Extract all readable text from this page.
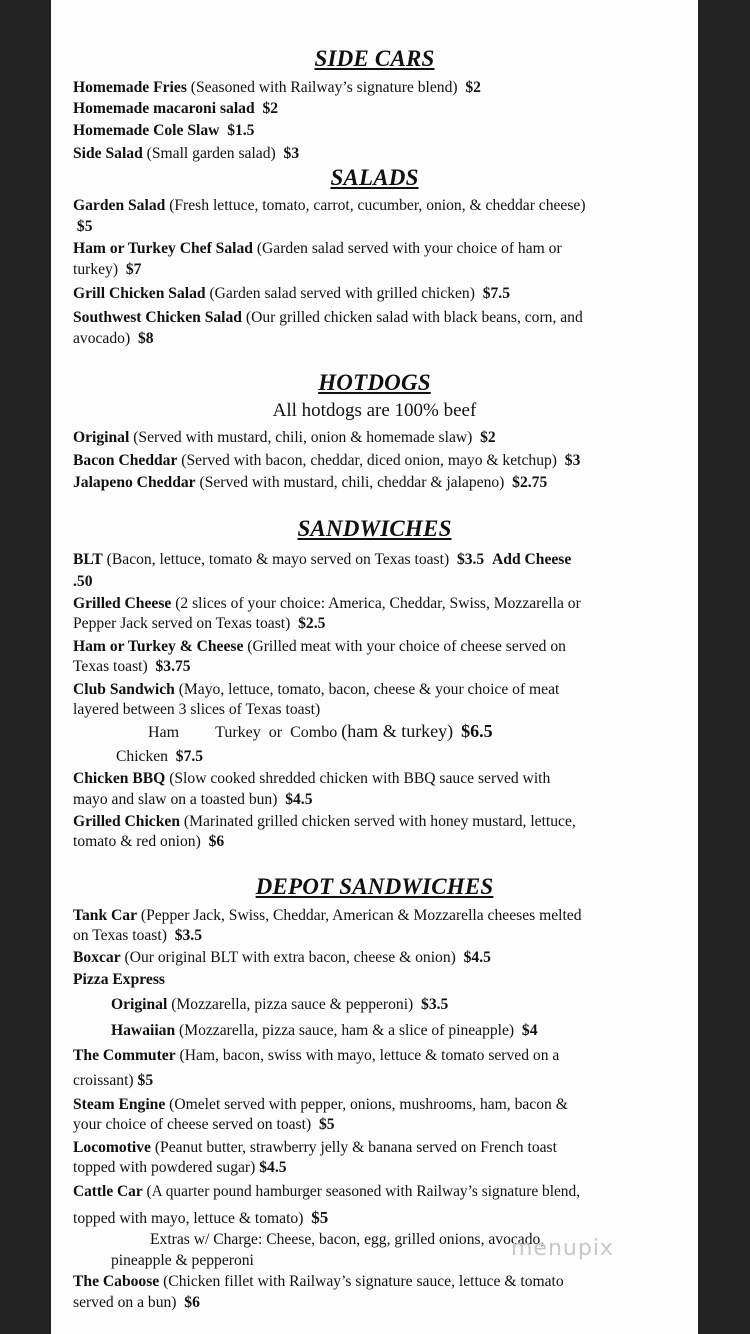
SIDE CARS
Homemade Fries (Seasoned with Railway’s signature blend) $2
Homemade macaroni salad $2
Homemade Cole Slaw $1.5
Side Salad (Small garden salad) $3
SALADS
Garden Salad (Fresh lettuce, tomato, carrot, cucumber, onion, & cheddar cheese)
$5
Ham or Turkey Chef Salad (Garden salad served with your choice of ham or
turkey) $7
Grill Chicken Salad (Garden salad served with grilled chicken) $7.5
Southwest Chicken Salad (Our grilled chicken salad with black beans, corn, and
avocado) $8
HOTDOGS
All hotdogs are 100% beef
Original (Served with mustard, chili, onion & homemade slaw) $2
Bacon Cheddar (Served with bacon, cheddar, diced onion, mayo & ketchup) $3
Jalapeno Cheddar (Served with mustard, chili, cheddar & jalapeno) $2.75
SANDWICHES
BLT (Bacon, lettuce, tomato & mayo served on Texas toast) $3.5 Add Cheese
.50
Grilled Cheese (2 slices of your choice: America, Cheddar, Swiss, Mozzarella or
Pepper Jack served on Texas toast) $2.5
Ham or Turkey & Cheese (Grilled meat with your choice of cheese served on
Texas toast) $3.75
Club Sandwich (Mayo, lettuce, tomato, bacon, cheese & your choice of meat
layered between 3 slices of Texas toast)
Ham Turkey or Combo (ham & turkey) $6.5
Chicken $7.5
Chicken BBQ (Slow cooked shredded chicken with BBQ sauce served with
mayo and slaw on a toasted bun) $4.5
Grilled Chicken (Marinated grilled chicken served with honey mustard, lettuce,
tomato & red onion) $6
DEPOT SANDWICHES
Tank Car (Pepper Jack, Swiss, Cheddar, American & Mozzarella cheeses melted
on Texas toast) $3.5
Boxcar (Our original BLT with extra bacon, cheese & onion) $4.5
Pizza Express
Original (Mozzarella, pizza sauce & pepperoni) $3.5
Hawaiian (Mozzarella, pizza sauce, ham & a slice of pineapple) $4
The Commuter (Ham, bacon, swiss with mayo, lettuce & tomato served on a
croissant) $5
Steam Engine (Omelet served with pepper, onions, mushrooms, ham, bacon &
your choice of cheese served on toast) $5
Locomotive (Peanut butter, strawberry jelly & banana served on French toast
topped with powdered sugar) $4.5
Cattle Car (A quarter pound hamburger seasoned with Railway’s signature blend,
topped with mayo, lettuce & tomato) $5
Extras w/ Charge: Cheese, bacon, egg, grilled onions, avocado,
pineapple & pepperoni
The Caboose (Chicken fillet with Railway’s signature sauce, lettuce & tomato
served on a bun) $6
menupix
